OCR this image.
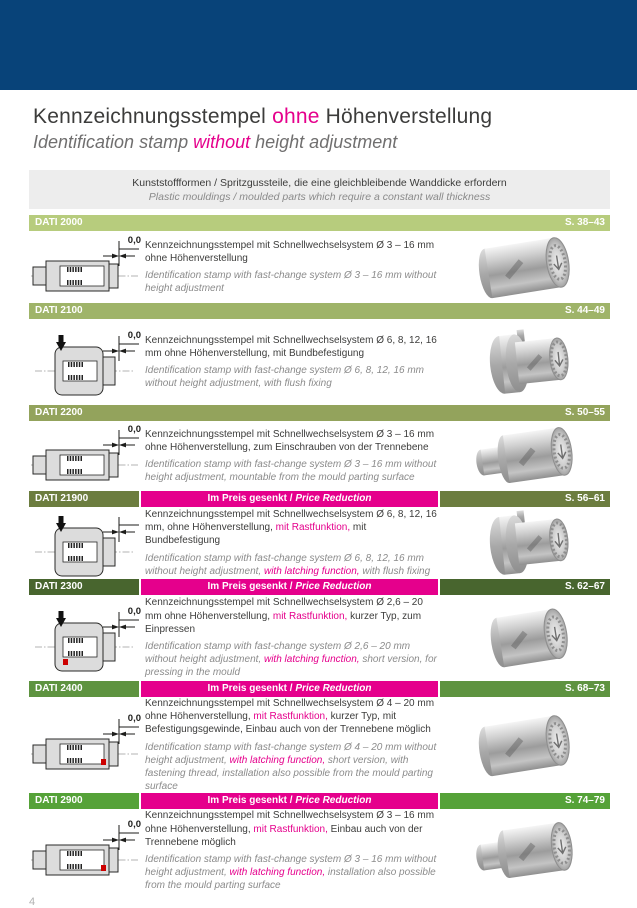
Kennzeichnungsstempel ohne Höhenverstellung
Identification stamp without height adjustment
Kunststoffformen / Spritzgussteile, die eine gleichbleibende Wanddicke erfordern
Plastic mouldings / moulded parts which require a constant wall thickness
DATI 2000	S. 38–43
0,0 Kennzeichnungsstempel mit Schnellwechselsystem Ø 3 – 16 mm ohne Höhenverstellung

Identification stamp with fast-change system Ø 3 – 16 mm without height adjustment

DATI 2100	S. 44–49
0,0 Kennzeichnungsstempel mit Schnellwechselsystem Ø 6, 8, 12, 16 mm ohne Höhenverstellung, mit Bundbefestigung

Identification stamp with fast-change system Ø 6, 8, 12, 16 mm without height adjustment, with flush fixing

DATI 2200	S. 50–55
0,0 Kennzeichnungsstempel mit Schnellwechselsystem Ø 3 – 16 mm ohne Höhenverstellung, zum Einschrauben von der Trennebene

Identification stamp with fast-change system Ø 3 – 16 mm without height adjustment, mountable from the mould parting surface

DATI 21900	Im Preis gesenkt / Price Reduction	S. 56–61

Kennzeichnungsstempel mit Schnellwechselsystem Ø 6, 8, 12, 16 mm, ohne Höhenverstellung, mit Rastfunktion, mit Bundbefestigung

Identification stamp with fast-change system Ø 6, 8, 12, 16 mm without height adjustment, with latching function, with flush fixing

DATI 2300	Im Preis gesenkt / Price Reduction	S. 62–67
0,0

Kennzeichnungsstempel mit Schnellwechselsystem Ø 2,6 – 20 mm ohne Höhenverstellung, mit Rastfunktion, kurzer Typ, zum Einpressen

Identification stamp with fast-change system Ø 2,6 – 20 mm without height adjustment, with latching function, short version, for pressing in the mould

DATI 2400	Im Preis gesenkt / Price Reduction	S. 68–73
0,0

Kennzeichnungsstempel mit Schnellwechselsystem Ø 4 – 20 mm ohne Höhenverstellung, mit Rastfunktion, kurzer Typ, mit Befestigungsgewinde, Einbau auch von der Trennebene möglich

Identification stamp with fast-change system Ø 4 – 20 mm without height adjustment, with latching function, short version, with fastening thread, installation also possible from the mould parting surface

DATI 2900	Im Preis gesenkt / Price Reduction	S. 74–79
0,0

Kennzeichnungsstempel mit Schnellwechselsystem Ø 3 – 16 mm ohne Höhenverstellung, mit Rastfunktion, Einbau auch von der Trennebene möglich

Identification stamp with fast-change system Ø 3 – 16 mm without height adjustment, with latching function, installation also possible from the mould parting surface

4
